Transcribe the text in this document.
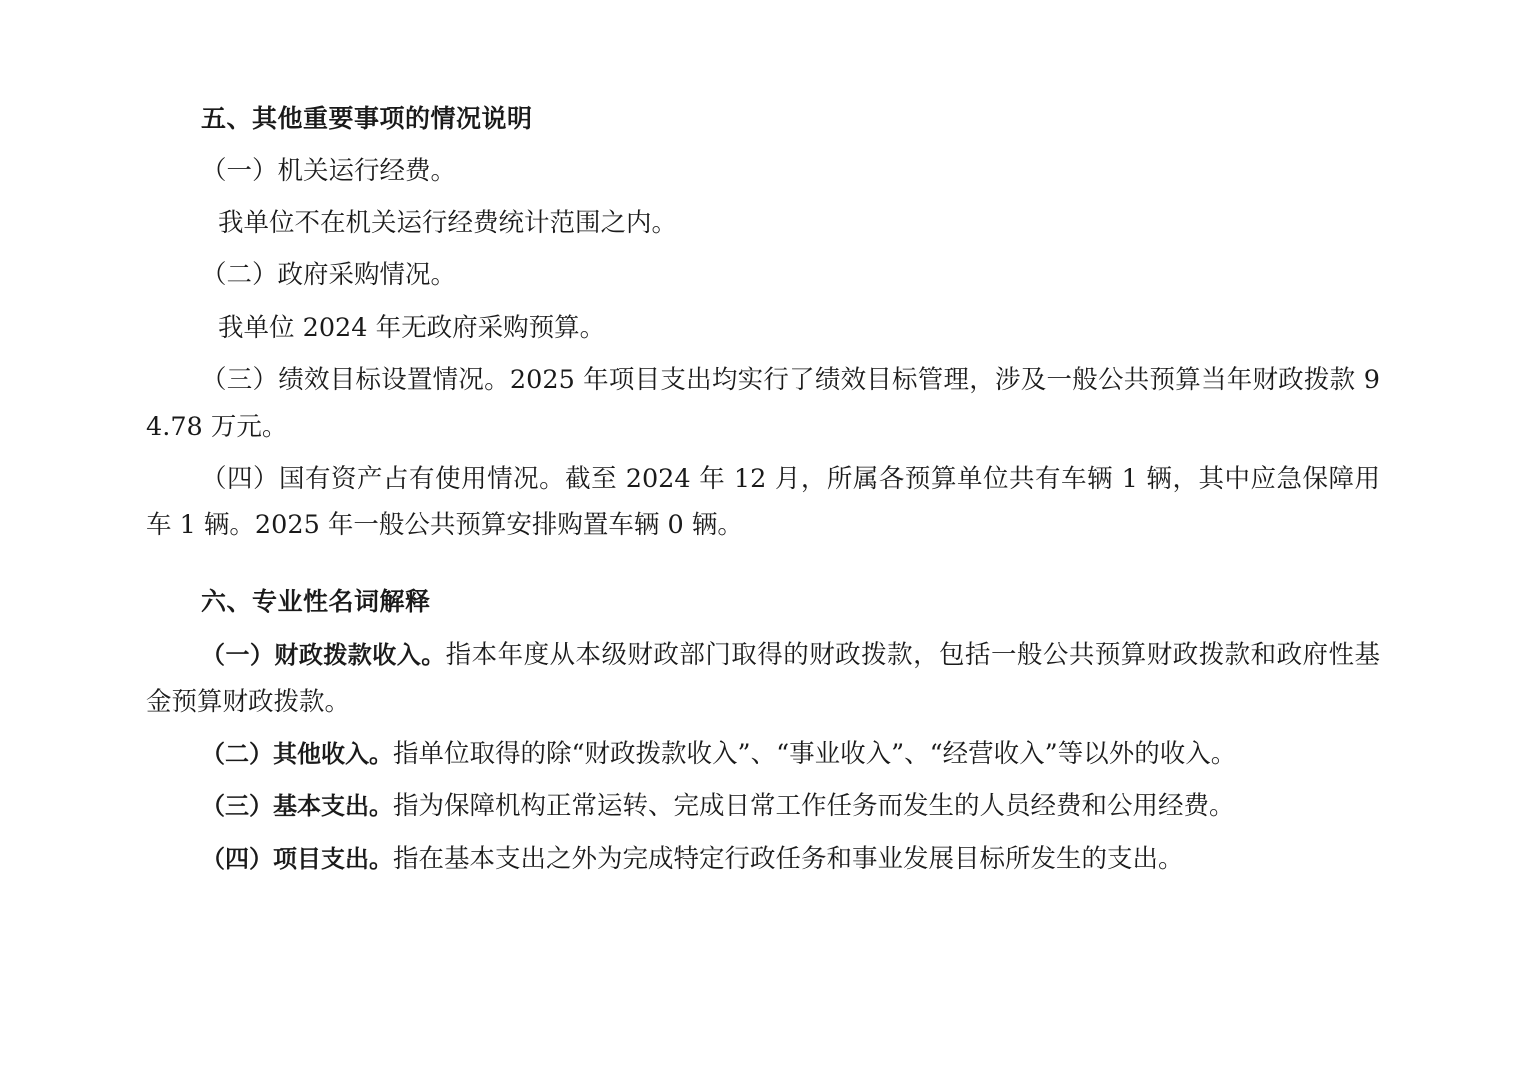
五、其他重要事项的情况说明

（一）机关运行经费。

我单位不在机关运行经费统计范围之内。

（二）政府采购情况。

我单位 2024 年无政府采购预算。

（三）绩效目标设置情况。2025 年项目支出均实行了绩效目标管理，涉及一般公共预算当年财政拨款 94.78 万元。

（四）国有资产占有使用情况。截至 2024 年 12 月，所属各预算单位共有车辆 1 辆，其中应急保障用车 1 辆。2025 年一般公共预算安排购置车辆 0 辆。

六、专业性名词解释

（一）财政拨款收入。指本年度从本级财政部门取得的财政拨款，包括一般公共预算财政拨款和政府性基金预算财政拨款。

（二）其他收入。指单位取得的除“财政拨款收入”、“事业收入”、“经营收入”等以外的收入。

（三）基本支出。指为保障机构正常运转、完成日常工作任务而发生的人员经费和公用经费。

（四）项目支出。指在基本支出之外为完成特定行政任务和事业发展目标所发生的支出。
